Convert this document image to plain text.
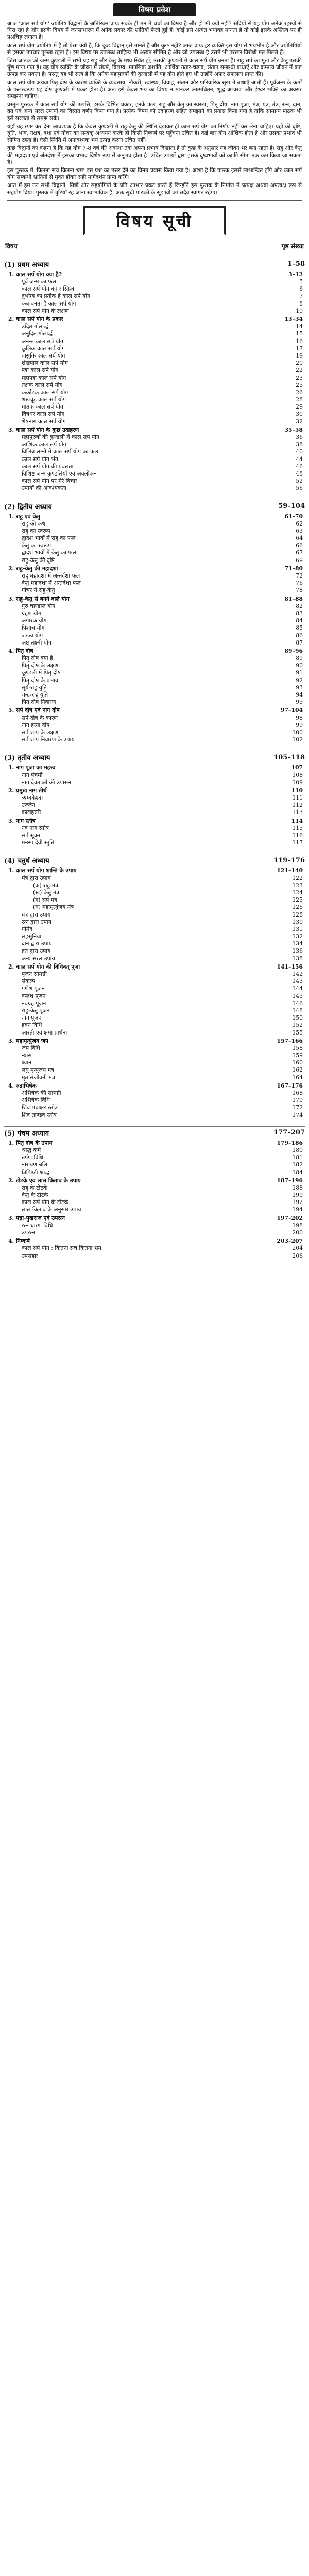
विषय प्रवेश

आज 'काल सर्प योग' ज्योतिष विद्वानों के अतिरिक्त प्रायः सबके ही मन में चर्चा का विषय है और हो भी क्यों नहीं? सदियों से यह योग अनेक रहस्यों से घिरा रहा है और इसके विषय में जनसाधारण में अनेक प्रकार की भ्रांतियाँ फैली हुई हैं। कोई इसे अत्यंत भयावह मानता है तो कोई इसके अस्तित्व पर ही प्रश्नचिह्न लगाता है।

काल सर्प योग ज्योतिष में है तो ऐसा क्यों है, कि कुछ विद्वान् इसे मानते हैं और कुछ नहीं? आज प्रायः हर व्यक्ति इस योग से भयभीत है और ज्योतिषियों से इसका उपचार पूछता रहता है। इस विषय पर उपलब्ध साहित्य भी अत्यंत सीमित है और जो उपलब्ध है उसमें भी परस्पर विरोधी मत मिलते हैं।

जिस जातक की जन्म कुण्डली में सभी ग्रह राहु और केतु के मध्य स्थित हों, उसकी कुण्डली में काल सर्प योग बनता है। राहु सर्प का मुख और केतु उसकी पूँछ माना गया है। यह योग व्यक्ति के जीवन में संघर्ष, विलम्ब, मानसिक अशांति, आर्थिक उतार-चढ़ाव, संतान सम्बन्धी बाधाएँ और दाम्पत्य जीवन में कष्ट उत्पन्न कर सकता है। परन्तु यह भी सत्य है कि अनेक महापुरुषों की कुण्डली में यह योग होते हुए भी उन्होंने अपार सफलता प्राप्त की।

काल सर्प योग अथवा पितृ दोष के कारण व्यक्ति के व्यवसाय, नौकरी, स्वास्थ्य, विवाह, संतान और पारिवारिक सुख में बाधाएँ आती हैं। पूर्वजन्म के कर्मों के फलस्वरूप यह दोष कुण्डली में प्रकट होता है। अतः इसे केवल भय का विषय न मानकर आत्मचिंतन, शुद्ध आचरण और ईश्वर भक्ति का अवसर समझना चाहिए।

प्रस्तुत पुस्तक में काल सर्प योग की उत्पत्ति, इसके विभिन्न प्रकार, इनके फल, राहु और केतु का स्वरूप, पितृ दोष, नाग पूजा, मंत्र, यंत्र, तंत्र, रत्न, दान, व्रत एवं अन्य सरल उपायों का विस्तृत वर्णन किया गया है। प्रत्येक विषय को उदाहरण सहित समझाने का प्रयास किया गया है ताकि सामान्य पाठक भी इसे सरलता से समझ सकें।

यहाँ यह स्पष्ट कर देना आवश्यक है कि केवल कुण्डली में राहु-केतु की स्थिति देखकर ही काल सर्प योग का निर्णय नहीं कर लेना चाहिए। ग्रहों की दृष्टि, युति, भाव, नक्षत्र, दशा एवं गोचर का सम्यक् अध्ययन करके ही किसी निष्कर्ष पर पहुँचना उचित है। कई बार योग आंशिक होता है और उसका प्रभाव भी सीमित रहता है। ऐसी स्थिति में अनावश्यक भय उत्पन्न करना उचित नहीं।

कुछ विद्वानों का कहना है कि यह योग 7-8 वर्ष की अवस्था तक अपना प्रभाव दिखाता है तो कुछ के अनुसार यह जीवन भर बना रहता है। राहु और केतु की महादशा एवं अंतर्दशा में इसका प्रभाव विशेष रूप से अनुभव होता है। उचित उपायों द्वारा इसके दुष्प्रभावों को काफी सीमा तक कम किया जा सकता है।

इस पुस्तक में 'कितना सच कितना भ्रम' इस प्रश्न का उत्तर देने का विनम्र प्रयास किया गया है। आशा है कि पाठक इससे लाभान्वित होंगे और काल सर्प योग सम्बन्धी भ्रांतियों से मुक्त होकर सही मार्गदर्शन प्राप्त करेंगे।

अन्त में हम उन सभी विद्वानों, मित्रों और सहयोगियों के प्रति आभार प्रकट करते हैं जिन्होंने इस पुस्तक के निर्माण में प्रत्यक्ष अथवा अप्रत्यक्ष रूप से सहयोग दिया। पुस्तक में त्रुटियाँ रह जाना स्वाभाविक है, अतः सुधी पाठकों के सुझावों का सदैव स्वागत रहेगा।

विषय सूची
विषय	पृष्ठ संख्या
(1) प्रथम अध्याय	1–58
1. काल सर्प योग क्या है?	3–12
पूर्व जन्म का फल	5
काल सर्प योग का अस्तित्व	6
दुर्भाग्य का प्रतीक है काल सर्प योग	7
कब बनता है काल सर्प योग	8
काल सर्प योग के लक्षण	10
2. काल सर्प योग के प्रकार	13–34
उदित गोलार्द्ध	14
अनुदित गोलार्द्ध	15
अनन्त काल सर्प योग	16
कुलिक काल सर्प योग	17
वासुकि काल सर्प योग	19
शंखपाल काल सर्प योग	20
पद्म काल सर्प योग	22
महापद्म काल सर्प योग	23
तक्षक काल सर्प योग	25
कर्कोटक काल सर्प योग	26
शंखचूड़ काल सर्प योग	28
घातक काल सर्प योग	29
विषधर काल सर्प योग	30
शेषनाग काल सर्प योग	32
3. काल सर्प योग के कुछ उदाहरण	35–58
महापुरुषों की कुण्डली में काल सर्प योग	36
आंशिक काल सर्प योग	38
विभिन्न लग्नों में काल सर्प योग का फल	40
काल सर्प योग भंग	44
काल सर्प योग की प्रबलता	46
विशिष्ट जन्म कुण्डलियाँ एवं अवलोकन	48
काल सर्प योग पर मेरे विचार	52
उपायों की आवश्यकता	56
(2) द्वितीय अध्याय	59–104
1. राहु एवं केतु	61–70
राहु की कथा	62
राहु का स्वरूप	63
द्वादश भावों में राहु का फल	64
केतु का स्वरूप	66
द्वादश भावों में केतु का फल	67
राहु-केतु की दृष्टि	69
2. राहु-केतु की महादशा	71–80
राहु महादशा में अन्तर्दशा फल	72
केतु महादशा में अन्तर्दशा फल	76
गोचर में राहु-केतु	78
3. राहु-केतु से बनने वाले योग	81–88
गुरु चाण्डाल योग	82
ग्रहण योग	83
अंगारक योग	84
पिशाच योग	85
जड़त्व योग	86
अष्ट लक्ष्मी योग	87
4. पितृ दोष	89–96
पितृ दोष क्या है	89
पितृ दोष के लक्षण	90
कुण्डली में पितृ दोष	91
पितृ दोष के प्रभाव	92
सूर्य-राहु युति	93
चन्द्र-राहु युति	94
पितृ दोष निवारण	95
5. सर्प दोष एवं नाग दोष	97–104
सर्प दोष के कारण	98
नाग हत्या दोष	99
सर्प शाप के लक्षण	100
सर्प शाप निवारण के उपाय	102
(3) तृतीय अध्याय	105–118
1. नाग पूजा का महत्त्व	107
नाग पंचमी	108
नाग देवताओं की उपासना	109
2. प्रमुख नाग तीर्थ	110
त्र्यम्बकेश्वर	111
उज्जैन	112
कालहस्ती	113
3. नाग स्तोत्र	114
नव नाग स्तोत्र	115
सर्प सूक्त	116
मनसा देवी स्तुति	117
(4) चतुर्थ अध्याय	119–176
1. काल सर्प योग शान्ति के उपाय	121–140
मंत्र द्वारा उपाय	122
(क) राहु मंत्र	123
(ख) केतु मंत्र	124
(ग) सर्प मंत्र	125
(घ) महामृत्युंजय मंत्र	126
यंत्र द्वारा उपाय	128
रत्न द्वारा उपाय	130
गोमेद	131
लहसुनिया	132
दान द्वारा उपाय	134
व्रत द्वारा उपाय	136
अन्य सरल उपाय	138
2. काल सर्प योग की विधिवत् पूजा	141–156
पूजन सामग्री	142
संकल्प	143
गणेश पूजन	144
कलश पूजन	145
नवग्रह पूजन	146
राहु-केतु पूजन	148
नाग पूजन	150
हवन विधि	152
आरती एवं क्षमा प्रार्थना	155
3. महामृत्युंजय जप	157–166
जप विधि	158
न्यास	159
ध्यान	160
लघु मृत्युंजय मंत्र	162
मृत संजीवनी मंत्र	164
4. रुद्राभिषेक	167–176
अभिषेक की सामग्री	168
अभिषेक विधि	170
शिव पंचाक्षर स्तोत्र	172
शिव ताण्डव स्तोत्र	174
(5) पंचम अध्याय	177–207
1. पितृ दोष के उपाय	179–186
श्राद्ध कर्म	180
तर्पण विधि	181
नारायण बलि	182
त्रिपिण्डी श्राद्ध	184
2. टोटके एवं लाल किताब के उपाय	187–196
राहु के टोटके	188
केतु के टोटके	190
काल सर्प योग के टोटके	192
लाल किताब के अनुसार उपाय	194
3. पन्ना-पुखराज एवं उपरत्न	197–202
रत्न धारण विधि	198
उपरत्न	200
4. निष्कर्ष	203–207
काल सर्प योग : कितना सच कितना भ्रम	204
उपसंहार	206
